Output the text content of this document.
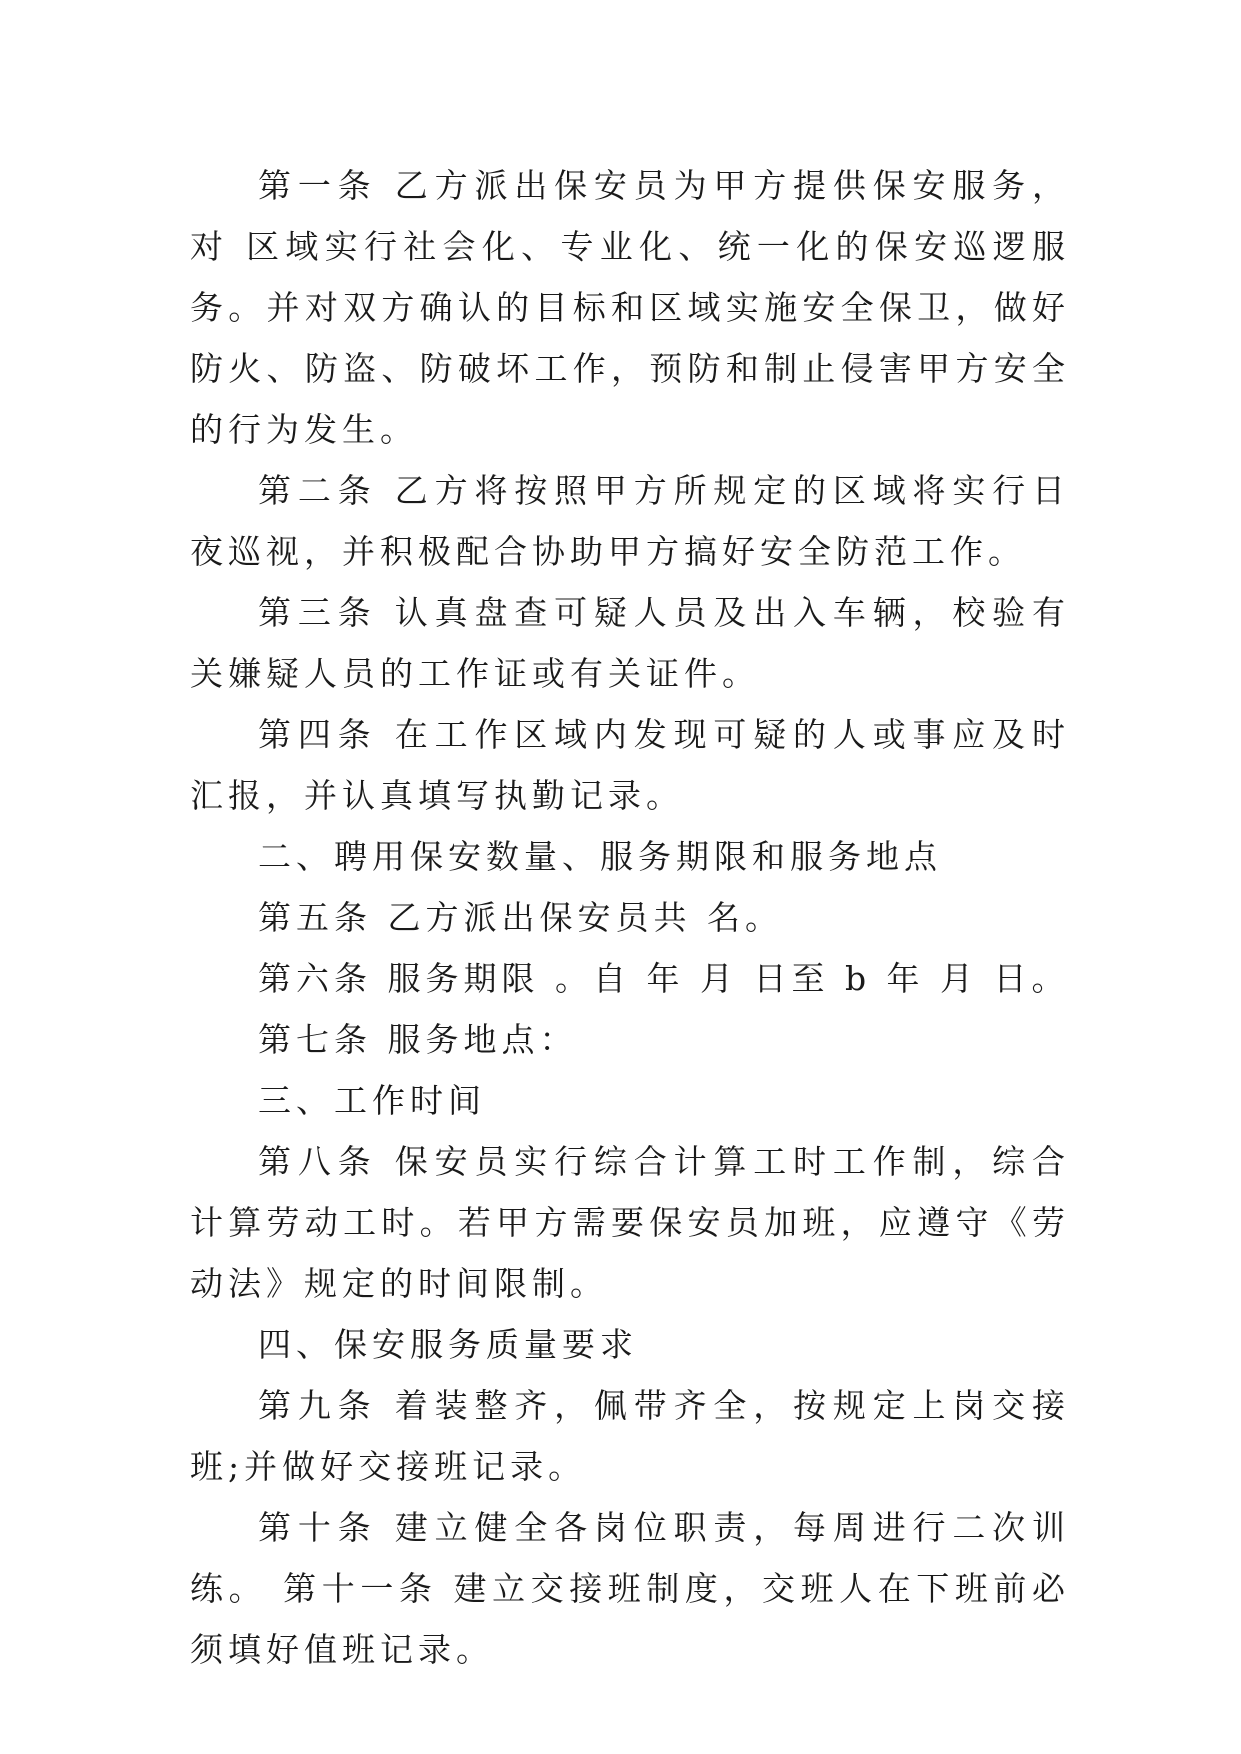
第一条 乙方派出保安员为甲方提供保安服务，对 区域实行社会化、专业化、统一化的保安巡逻服务。并对双方确认的目标和区域实施安全保卫，做好防火、防盗、防破坏工作，预防和制止侵害甲方安全的行为发生。

第二条 乙方将按照甲方所规定的区域将实行日夜巡视，并积极配合协助甲方搞好安全防范工作。

第三条 认真盘查可疑人员及出入车辆，校验有关嫌疑人员的工作证或有关证件。

第四条 在工作区域内发现可疑的人或事应及时汇报，并认真填写执勤记录。

二、聘用保安数量、服务期限和服务地点

第五条 乙方派出保安员共 名。

第六条 服务期限 。自 年 月 日至 b 年 月 日。

第七条 服务地点：

三、工作时间

第八条 保安员实行综合计算工时工作制，综合计算劳动工时。若甲方需要保安员加班，应遵守《劳动法》规定的时间限制。

四、保安服务质量要求

第九条 着装整齐，佩带齐全，按规定上岗交接班;并做好交接班记录。

第十条 建立健全各岗位职责，每周进行二次训练。 第十一条 建立交接班制度，交班人在下班前必须填好值班记录。
